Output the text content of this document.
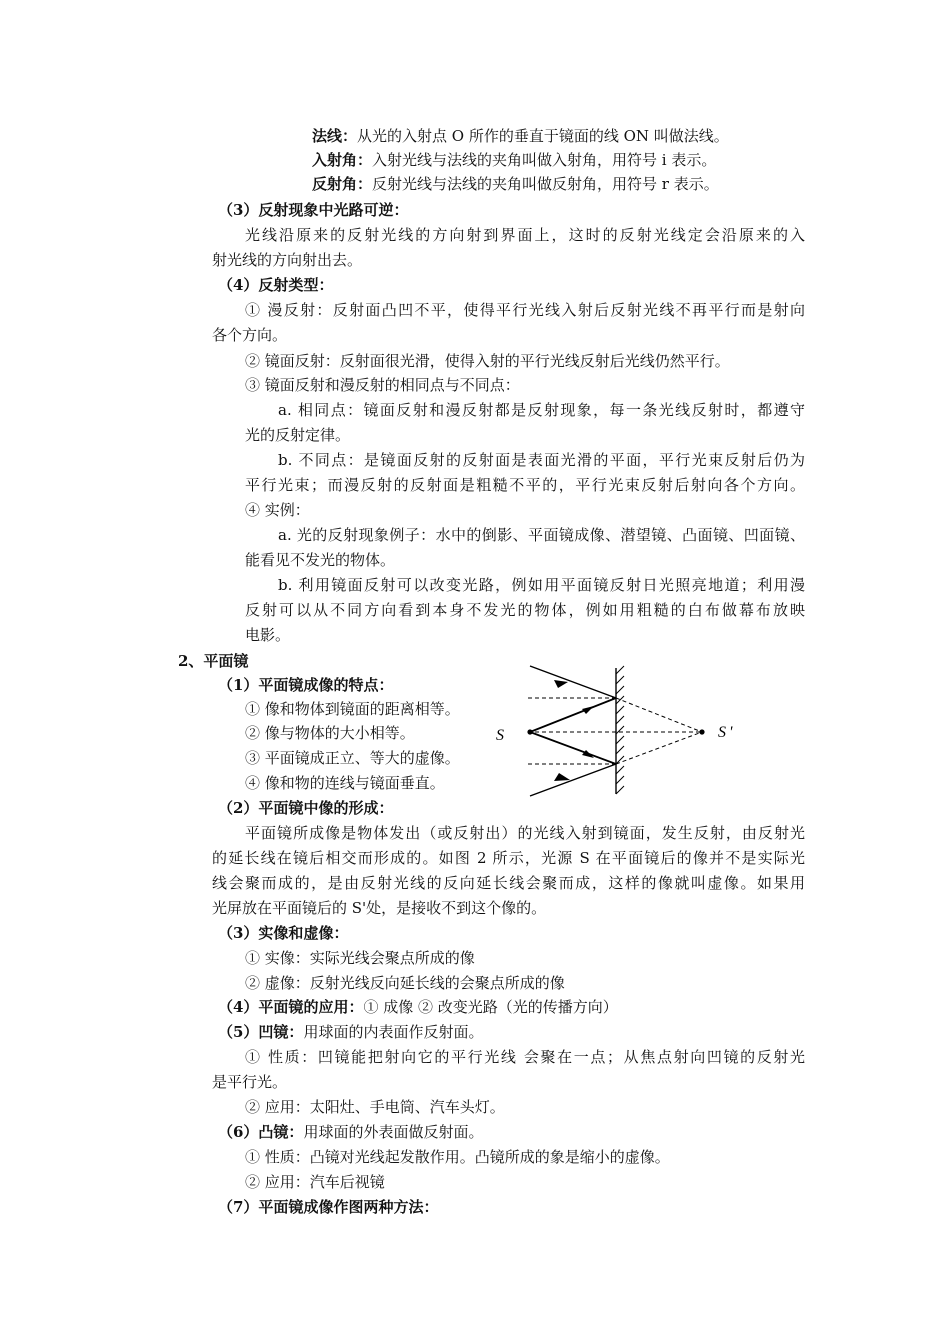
法线：从光的入射点 O 所作的垂直于镜面的线 ON 叫做法线。
入射角：入射光线与法线的夹角叫做入射角，用符号 i 表示。
反射角：反射光线与法线的夹角叫做反射角，用符号 r 表示。
（3）反射现象中光路可逆：
光线沿原来的反射光线的方向射到界面上，这时的反射光线定会沿原来的入
射光线的方向射出去。
（4）反射类型：
① 漫反射：反射面凸凹不平，使得平行光线入射后反射光线不再平行而是射向
各个方向。
② 镜面反射：反射面很光滑，使得入射的平行光线反射后光线仍然平行。
③ 镜面反射和漫反射的相同点与不同点：
a. 相同点：镜面反射和漫反射都是反射现象，每一条光线反射时，都遵守
光的反射定律。
b. 不同点：是镜面反射的反射面是表面光滑的平面，平行光束反射后仍为
平行光束；而漫反射的反射面是粗糙不平的，平行光束反射后射向各个方向。
④ 实例：
a. 光的反射现象例子：水中的倒影、平面镜成像、潜望镜、凸面镜、凹面镜、
能看见不发光的物体。
b. 利用镜面反射可以改变光路，例如用平面镜反射日光照亮地道；利用漫
反射可以从不同方向看到本身不发光的物体，例如用粗糙的白布做幕布放映
电影。
2、平面镜
（1）平面镜成像的特点：
① 像和物体到镜面的距离相等。
② 像与物体的大小相等。
③ 平面镜成正立、等大的虚像。
④ 像和物的连线与镜面垂直。
S	S'
（2）平面镜中像的形成：
平面镜所成像是物体发出（或反射出）的光线入射到镜面，发生反射，由反射光
的延长线在镜后相交而形成的。如图 2 所示，光源 S 在平面镜后的像并不是实际光
线会聚而成的，是由反射光线的反向延长线会聚而成，这样的像就叫虚像。如果用
光屏放在平面镜后的 S'处，是接收不到这个像的。
（3）实像和虚像：
① 实像：实际光线会聚点所成的像
② 虚像：反射光线反向延长线的会聚点所成的像
（4）平面镜的应用：① 成像 ② 改变光路（光的传播方向）
（5）凹镜：用球面的内表面作反射面。
① 性质：凹镜能把射向它的平行光线 会聚在一点；从焦点射向凹镜的反射光
是平行光。
② 应用：太阳灶、手电筒、汽车头灯。
（6）凸镜：用球面的外表面做反射面。
① 性质：凸镜对光线起发散作用。凸镜所成的象是缩小的虚像。
② 应用：汽车后视镜
（7）平面镜成像作图两种方法：
